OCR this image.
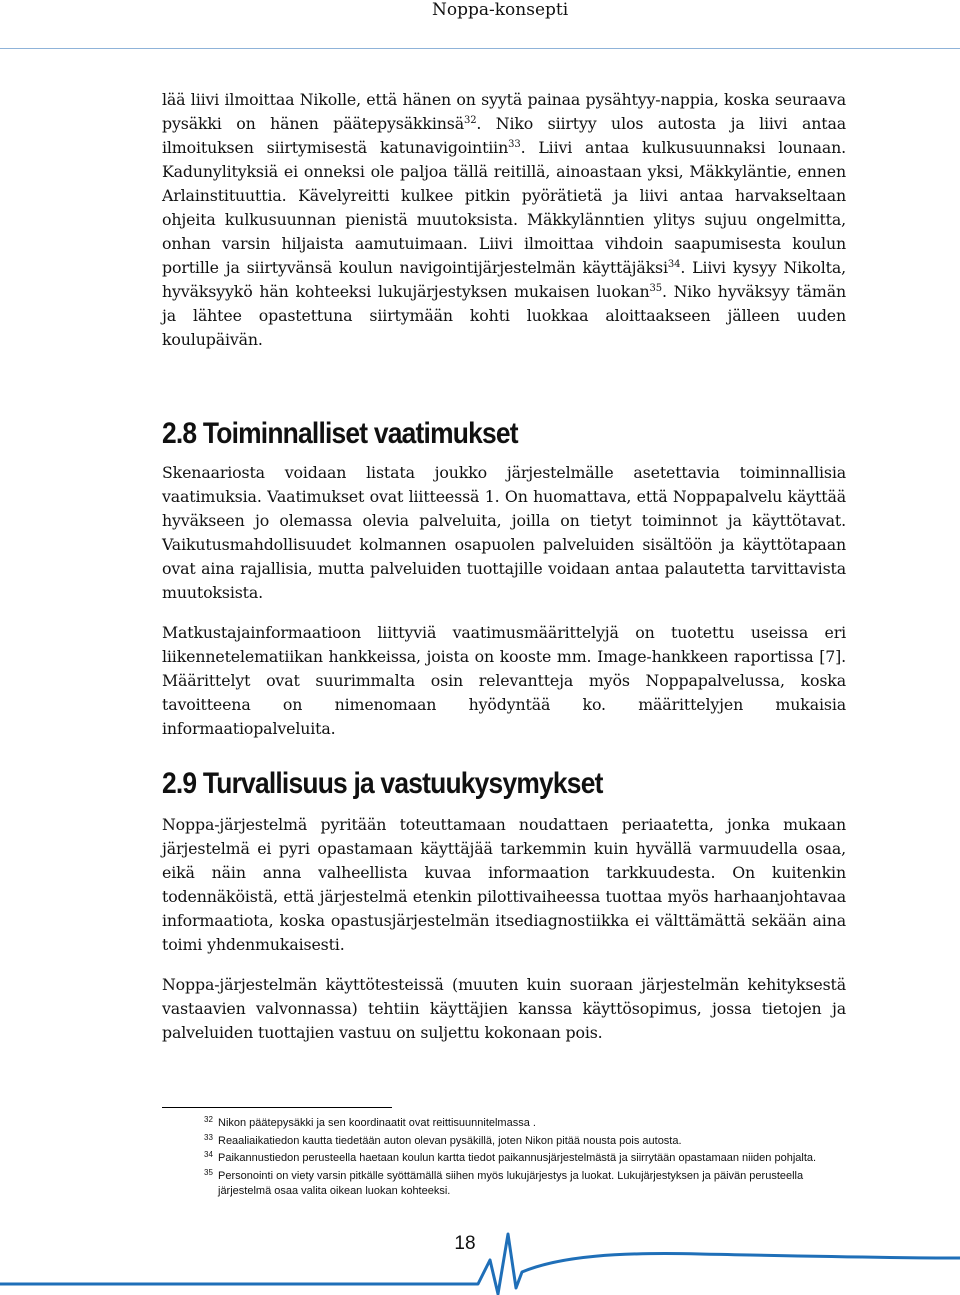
Noppa-konsepti

lää liivi ilmoittaa Nikolle, että hänen on syytä painaa pysähtyy-nappia, koska seuraava pysäkki on hänen päätepysäkkinsä$^{32}$. Niko siirtyy ulos autosta ja liivi antaa ilmoituksen siirtymisestä katunavigointiin$^{33}$. Liivi antaa kulkusuunnaksi lounaan. Kadunylityksiä ei onneksi ole paljoa tällä reitillä, ainoastaan yksi, Mäkkyläntie, ennen Arlainstituuttia. Kävelyreitti kulkee pitkin pyörätietä ja liivi antaa harvakseltaan ohjeita kulkusuunnan pienistä muutoksista. Mäkkylänntien ylitys sujuu ongelmitta, onhan varsin hiljaista aamutuimaan. Liivi ilmoittaa vihdoin saapumisesta koulun portille ja siirtyvänsä koulun navigointijärjestelmän käyttäjäksi$^{34}$. Liivi kysyy Nikolta, hyväksyykö hän kohteeksi lukujärjestyksen mukaisen luokan$^{35}$. Niko hyväksyy tämän ja lähtee opastettuna siirtymään kohti luokkaa aloittaakseen jälleen uuden koulupäivän.

2.8 Toiminnalliset vaatimukset

Skenaariosta voidaan listata joukko järjestelmälle asetettavia toiminnallisia vaatimuksia. Vaatimukset ovat liitteessä 1. On huomattava, että Noppapalvelu käyttää hyväkseen jo olemassa olevia palveluita, joilla on tietyt toiminnot ja käyttötavat. Vaikutusmahdollisuudet kolmannen osapuolen palveluiden sisältöön ja käyttötapaan ovat aina rajallisia, mutta palveluiden tuottajille voidaan antaa palautetta tarvittavista muutoksista.

Matkustajainformaatioon liittyviä vaatimusmäärittelyjä on tuotettu useissa eri liikennetelematiikan hankkeissa, joista on kooste mm. Image-hankkeen raportissa [7]. Määrittelyt ovat suurimmalta osin relevantteja myös Noppapalvelussa, koska tavoitteena on nimenomaan hyödyntää ko. määrittelyjen mukaisia informaatiopalveluita.

2.9 Turvallisuus ja vastuukysymykset

Noppa-järjestelmä pyritään toteuttamaan noudattaen periaatetta, jonka mukaan järjestelmä ei pyri opastamaan käyttäjää tarkemmin kuin hyvällä varmuudella osaa, eikä näin anna valheellista kuvaa informaation tarkkuudesta. On kuitenkin todennäköistä, että järjestelmä etenkin pilottivaiheessa tuottaa myös harhaanjohtavaa informaatiota, koska opastusjärjestelmän itsediagnostiikka ei välttämättä sekään aina toimi yhdenmukaisesti.

Noppa-järjestelmän käyttötesteissä (muuten kuin suoraan järjestelmän kehityksestä vastaavien valvonnassa) tehtiin käyttäjien kanssa käyttösopimus, jossa tietojen ja palveluiden tuottajien vastuu on suljettu kokonaan pois.

32 Nikon päätepysäkki ja sen koordinaatit ovat reittisuunnitelmassa .
33 Reaaliaikatiedon kautta tiedetään auton olevan pysäkillä, joten Nikon pitää nousta pois autosta.
34 Paikannustiedon perusteella haetaan koulun kartta tiedot paikannusjärjestelmästä ja siirrytään opastamaan niiden pohjalta.
35 Personointi on viety varsin pitkälle syöttämällä siihen myös lukujärjestys ja luokat. Lukujärjestyksen ja päivän perusteella järjestelmä osaa valita oikean luokan kohteeksi.
18
